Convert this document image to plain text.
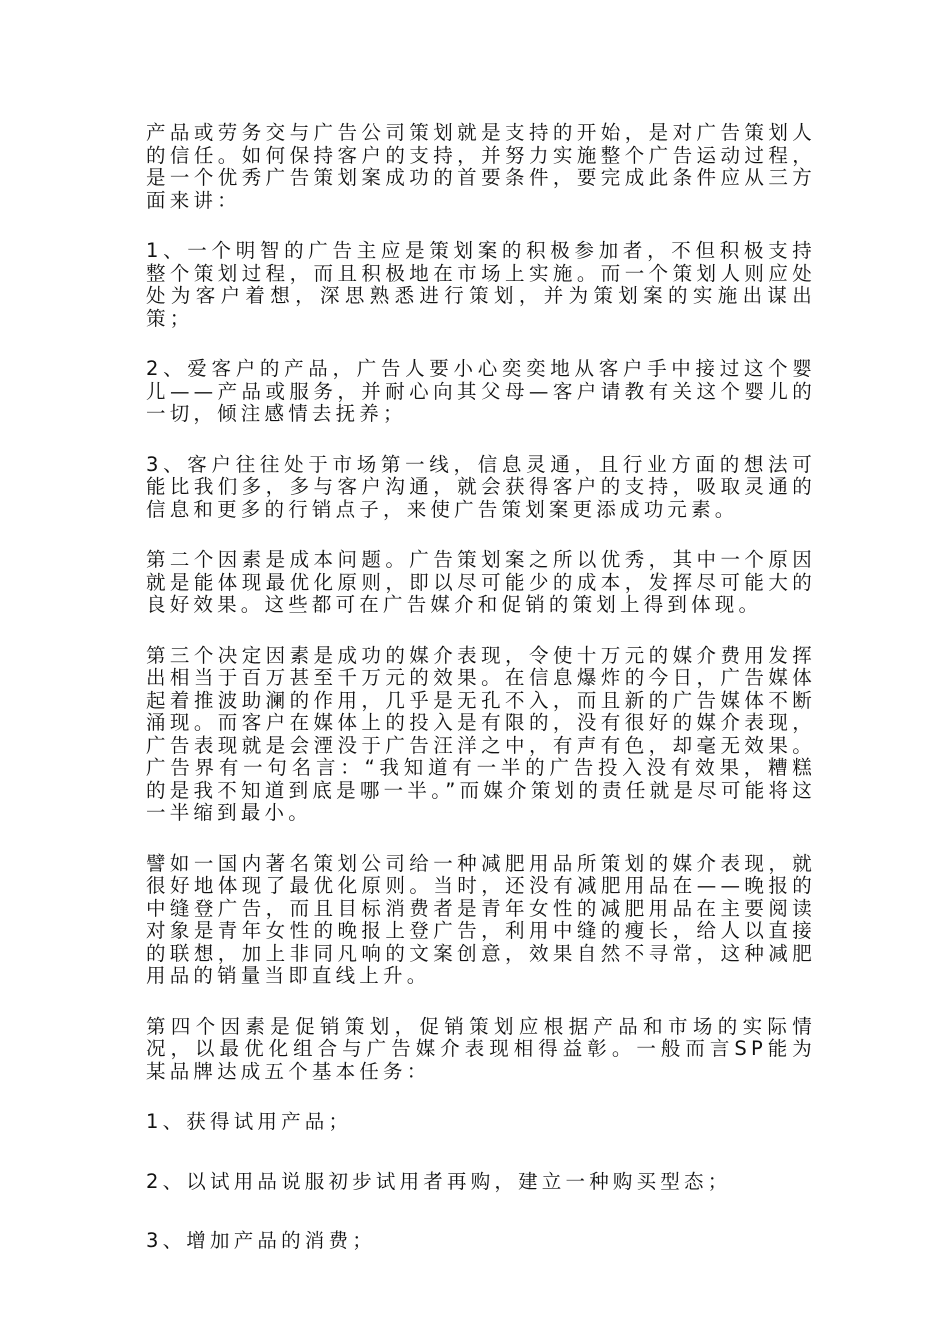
产品或劳务交与广告公司策划就是支持的开始，是对广告策划人的信任。如何保持客户的支持，并努力实施整个广告运动过程，是一个优秀广告策划案成功的首要条件，要完成此条件应从三方面来讲：

1、一个明智的广告主应是策划案的积极参加者，不但积极支持整个策划过程，而且积极地在市场上实施。而一个策划人则应处处为客户着想，深思熟悉进行策划，并为策划案的实施出谋出策；

2、爱客户的产品，广告人要小心奕奕地从客户手中接过这个婴儿——产品或服务，并耐心向其父母—客户请教有关这个婴儿的一切，倾注感情去抚养；

3、客户往往处于市场第一线，信息灵通，且行业方面的想法可能比我们多，多与客户沟通，就会获得客户的支持，吸取灵通的信息和更多的行销点子，来使广告策划案更添成功元素。

第二个因素是成本问题。广告策划案之所以优秀，其中一个原因就是能体现最优化原则，即以尽可能少的成本，发挥尽可能大的良好效果。这些都可在广告媒介和促销的策划上得到体现。

第三个决定因素是成功的媒介表现，令使十万元的媒介费用发挥出相当于百万甚至千万元的效果。在信息爆炸的今日，广告媒体起着推波助澜的作用，几乎是无孔不入，而且新的广告媒体不断涌现。而客户在媒体上的投入是有限的，没有很好的媒介表现，广告表现就是会湮没于广告汪洋之中，有声有色，却毫无效果。广告界有一句名言：“我知道有一半的广告投入没有效果，糟糕的是我不知道到底是哪一半。”而媒介策划的责任就是尽可能将这一半缩到最小。

譬如一国内著名策划公司给一种减肥用品所策划的媒介表现，就很好地体现了最优化原则。当时，还没有减肥用品在——晚报的中缝登广告，而且目标消费者是青年女性的减肥用品在主要阅读对象是青年女性的晚报上登广告，利用中缝的瘦长，给人以直接的联想，加上非同凡响的文案创意，效果自然不寻常，这种减肥用品的销量当即直线上升。

第四个因素是促销策划，促销策划应根据产品和市场的实际情况，以最优化组合与广告媒介表现相得益彰。一般而言SP能为某品牌达成五个基本任务：

1、获得试用产品；

2、以试用品说服初步试用者再购，建立一种购买型态；

3、增加产品的消费；
